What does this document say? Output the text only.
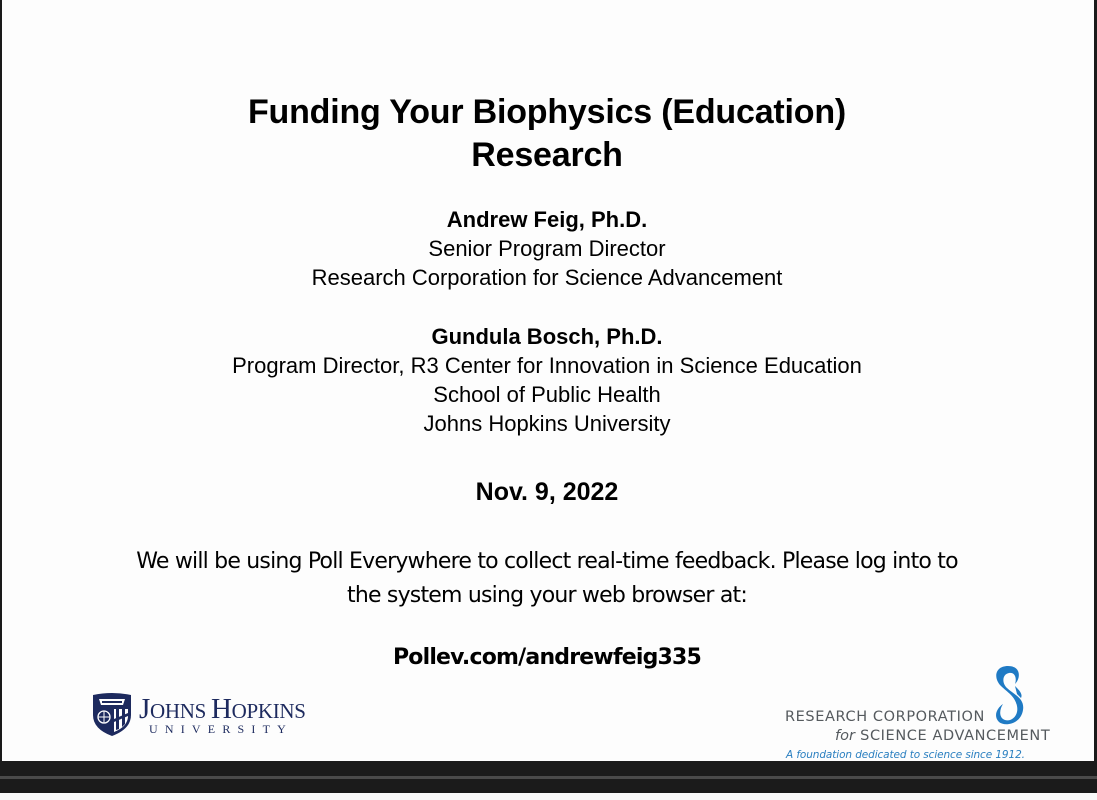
Funding Your Biophysics (Education)
Research
Andrew Feig, Ph.D.
Senior Program Director
Research Corporation for Science Advancement
Gundula Bosch, Ph.D.
Program Director, R3 Center for Innovation in Science Education
School of Public Health
Johns Hopkins University
Nov. 9, 2022
We will be using Poll Everywhere to collect real-time feedback. Please log into to
the system using your web browser at:
Pollev.com/andrewfeig335
JOHNS HOPKINS
UNIVERSITY
RESEARCH CORPORATION
for SCIENCE ADVANCEMENT
A foundation dedicated to science since 1912.
